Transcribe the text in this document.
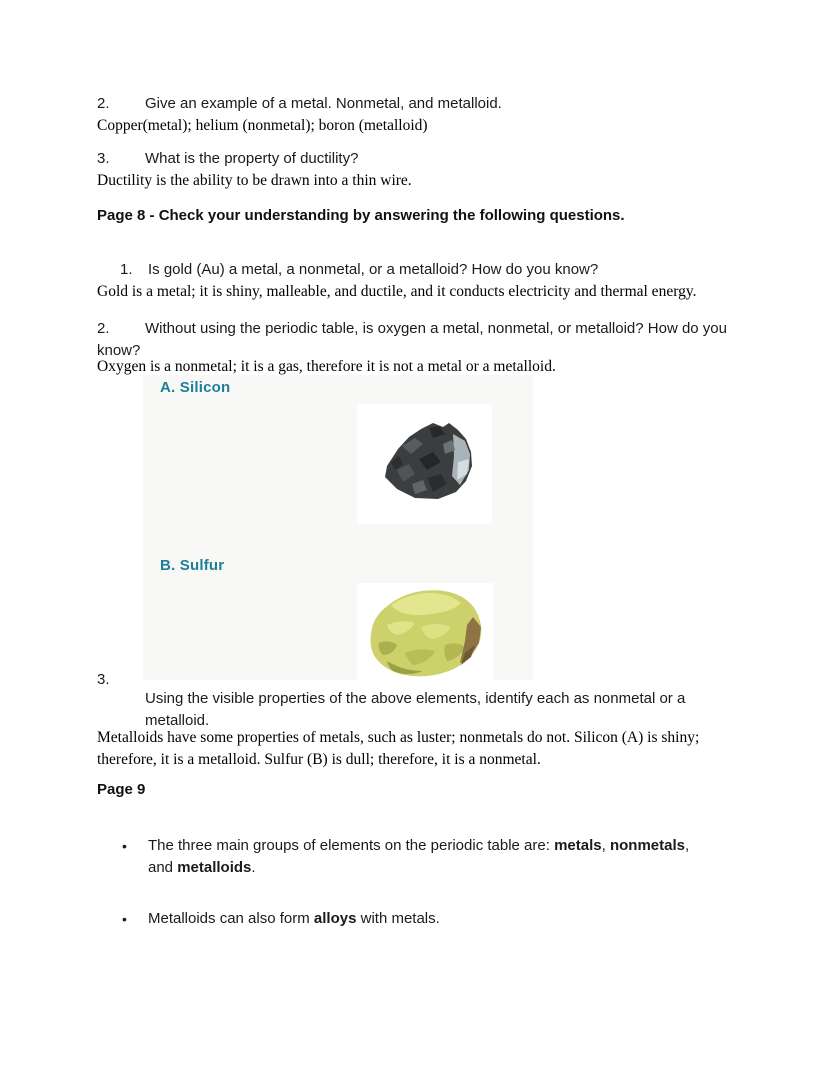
2. Give an example of a metal. Nonmetal, and metalloid.
Copper(metal); helium (nonmetal); boron (metalloid)
3. What is the property of ductility?
Ductility is the ability to be drawn into a thin wire.
Page 8 - Check your understanding by answering the following questions.
1. Is gold (Au) a metal, a nonmetal, or a metalloid? How do you know?
Gold is a metal; it is shiny, malleable, and ductile, and it conducts electricity and thermal energy.
2. Without using the periodic table, is oxygen a metal, nonmetal, or metalloid? How do you know?
Oxygen is a nonmetal; it is a gas, therefore it is not a metal or a metalloid.
A. Silicon
B. Sulfur
3.
Using the visible properties of the above elements, identify each as nonmetal or a metalloid.
Metalloids have some properties of metals, such as luster; nonmetals do not. Silicon (A) is shiny; therefore, it is a metalloid. Sulfur (B) is dull; therefore, it is a nonmetal.
Page 9
•	The three main groups of elements on the periodic table are: metals, nonmetals, and metalloids.
•	Metalloids can also form alloys with metals.
